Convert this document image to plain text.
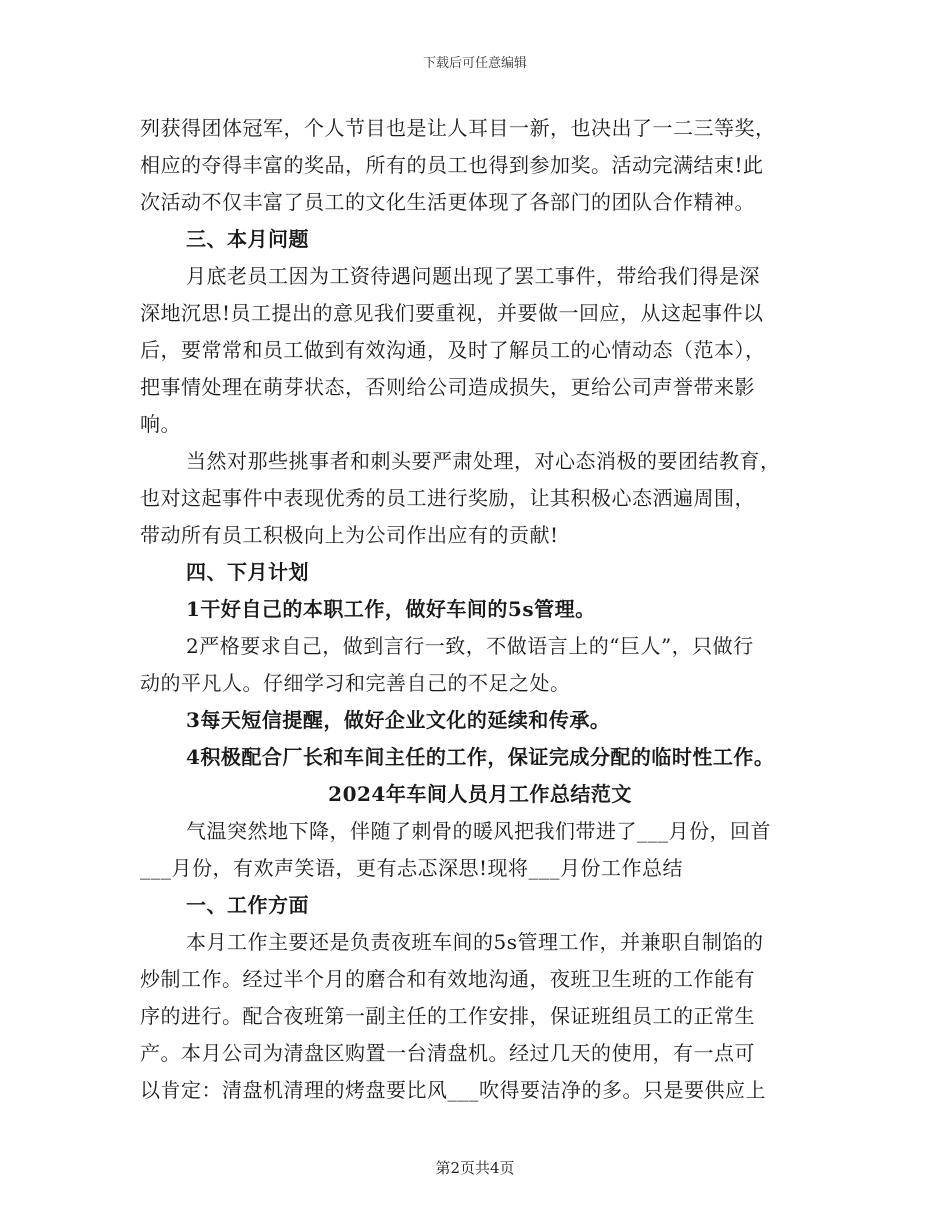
下载后可任意编辑
列获得团体冠军，个人节目也是让人耳目一新，也决出了一二三等奖，
相应的夺得丰富的奖品，所有的员工也得到参加奖。活动完满结束!此
次活动不仅丰富了员工的文化生活更体现了各部门的团队合作精神。
三、本月问题
月底老员工因为工资待遇问题出现了罢工事件，带给我们得是深
深地沉思!员工提出的意见我们要重视，并要做一回应，从这起事件以
后，要常常和员工做到有效沟通，及时了解员工的心情动态（范本），
把事情处理在萌芽状态，否则给公司造成损失，更给公司声誉带来影
响。
当然对那些挑事者和刺头要严肃处理，对心态消极的要团结教育，
也对这起事件中表现优秀的员工进行奖励，让其积极心态洒遍周围，
带动所有员工积极向上为公司作出应有的贡献!
四、下月计划
1干好自己的本职工作，做好车间的5s管理。
2严格要求自己，做到言行一致，不做语言上的“巨人”，只做行
动的平凡人。仔细学习和完善自己的不足之处。
3每天短信提醒，做好企业文化的延续和传承。
4积极配合厂长和车间主任的工作，保证完成分配的临时性工作。
2024年车间人员月工作总结范文
气温突然地下降，伴随了刺骨的暖风把我们带进了___月份，回首
___月份，有欢声笑语，更有忐忑深思!现将___月份工作总结
一、工作方面
本月工作主要还是负责夜班车间的5s管理工作，并兼职自制馅的
炒制工作。经过半个月的磨合和有效地沟通，夜班卫生班的工作能有
序的进行。配合夜班第一副主任的工作安排，保证班组员工的正常生
产。本月公司为清盘区购置一台清盘机。经过几天的使用，有一点可
以肯定：清盘机清理的烤盘要比风___吹得要洁净的多。只是要供应上
第2页共4页
